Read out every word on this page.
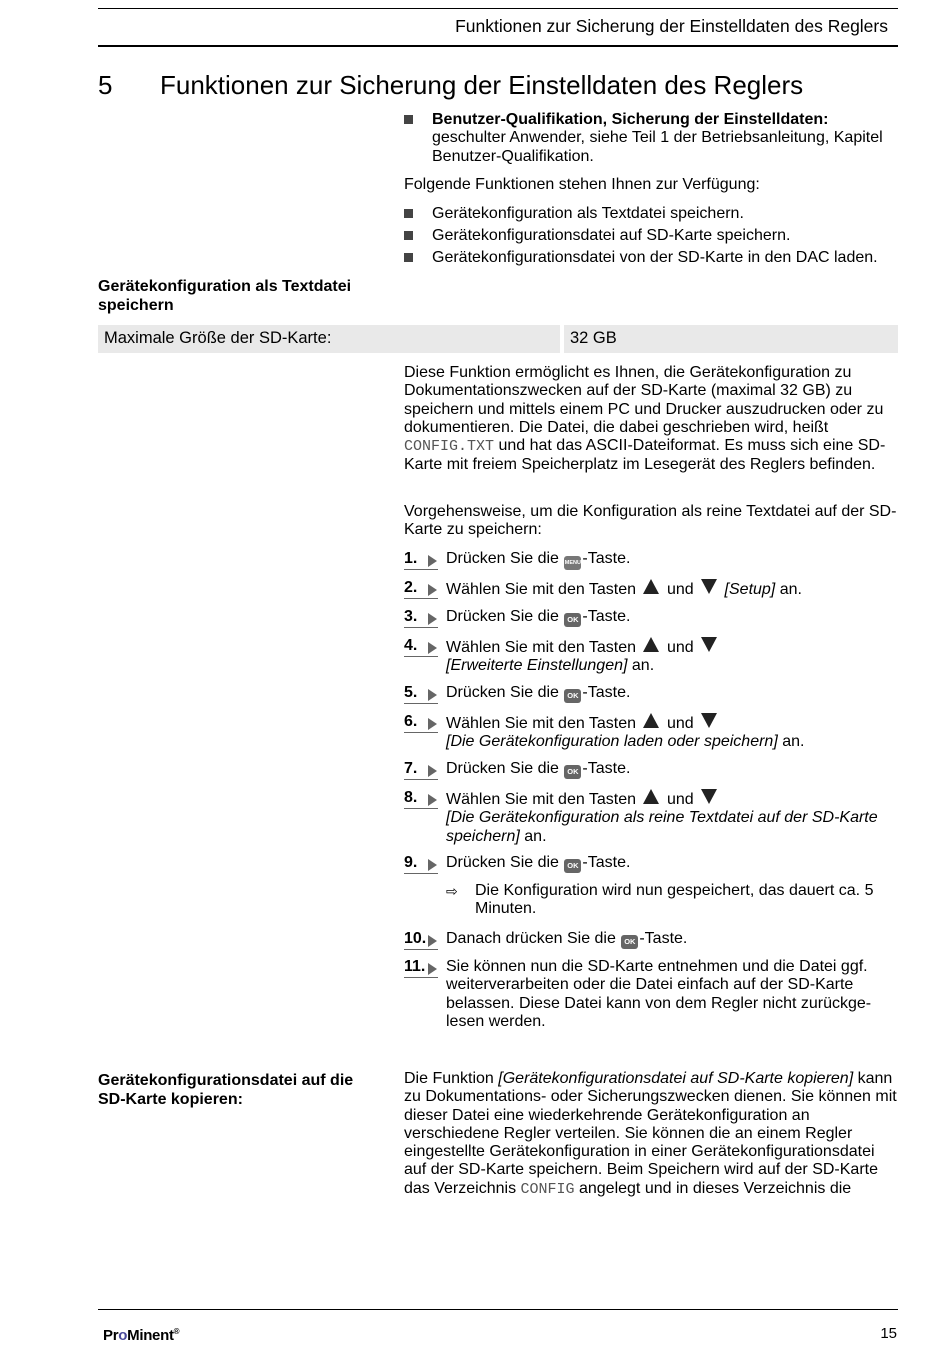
Funktionen zur Sicherung der Einstelldaten des Reglers
5 Funktionen zur Sicherung der Einstelldaten des Reglers
Benutzer-Qualifikation, Sicherung der Einstelldaten: geschulter Anwender, siehe Teil 1 der Betriebsanleitung, Kapitel Benutzer-Qualifikation.
Folgende Funktionen stehen Ihnen zur Verfügung:
Gerätekonfiguration als Textdatei speichern.
Gerätekonfigurationsdatei auf SD-Karte speichern.
Gerätekonfigurationsdatei von der SD-Karte in den DAC laden.
Gerätekonfiguration als Textdatei speichern
Maximale Größe der SD-Karte:	32 GB
Diese Funktion ermöglicht es Ihnen, die Gerätekonfiguration zu Dokumentationszwecken auf der SD-Karte (maximal 32 GB) zu speichern und mittels einem PC und Drucker auszudrucken oder zu dokumentieren. Die Datei, die dabei geschrieben wird, heißt CONFIG.TXT und hat das ASCII-Dateiformat. Es muss sich eine SD-Karte mit freiem Speicherplatz im Lesegerät des Reglers befinden.
Vorgehensweise, um die Konfiguration als reine Textdatei auf der SD-Karte zu speichern:
1. Drücken Sie die MENU-Taste.
2. Wählen Sie mit den Tasten und [Setup] an.
3. Drücken Sie die OK -Taste.
4. Wählen Sie mit den Tasten und
[Erweiterte Einstellungen] an.
5. Drücken Sie die OK -Taste.
6. Wählen Sie mit den Tasten und
[Die Gerätekonfiguration laden oder speichern] an.
7. Drücken Sie die OK -Taste.
8. Wählen Sie mit den Tasten und
[Die Gerätekonfiguration als reine Textdatei auf der SD-Karte speichern] an.
9. Drücken Sie die OK -Taste.
⇨ Die Konfiguration wird nun gespeichert, das dauert ca. 5 Minuten.
10. Danach drücken Sie die OK -Taste.
11. Sie können nun die SD-Karte entnehmen und die Datei ggf. weiterverarbeiten oder die Datei einfach auf der SD-Karte belassen. Diese Datei kann von dem Regler nicht zurückge-lesen werden.
Gerätekonfigurationsdatei auf die SD-Karte kopieren:
Die Funktion [Gerätekonfigurationsdatei auf SD-Karte kopieren] kann zu Dokumentations- oder Sicherungszwecken dienen. Sie können mit dieser Datei eine wiederkehrende Gerätekonfiguration an verschiedene Regler verteilen. Sie können die an einem Regler eingestellte Gerätekonfiguration in einer Gerätekonfigurationsdatei auf der SD-Karte speichern. Beim Speichern wird auf der SD-Karte das Verzeichnis CONFIG angelegt und in dieses Verzeichnis die
ProMinent®	15
